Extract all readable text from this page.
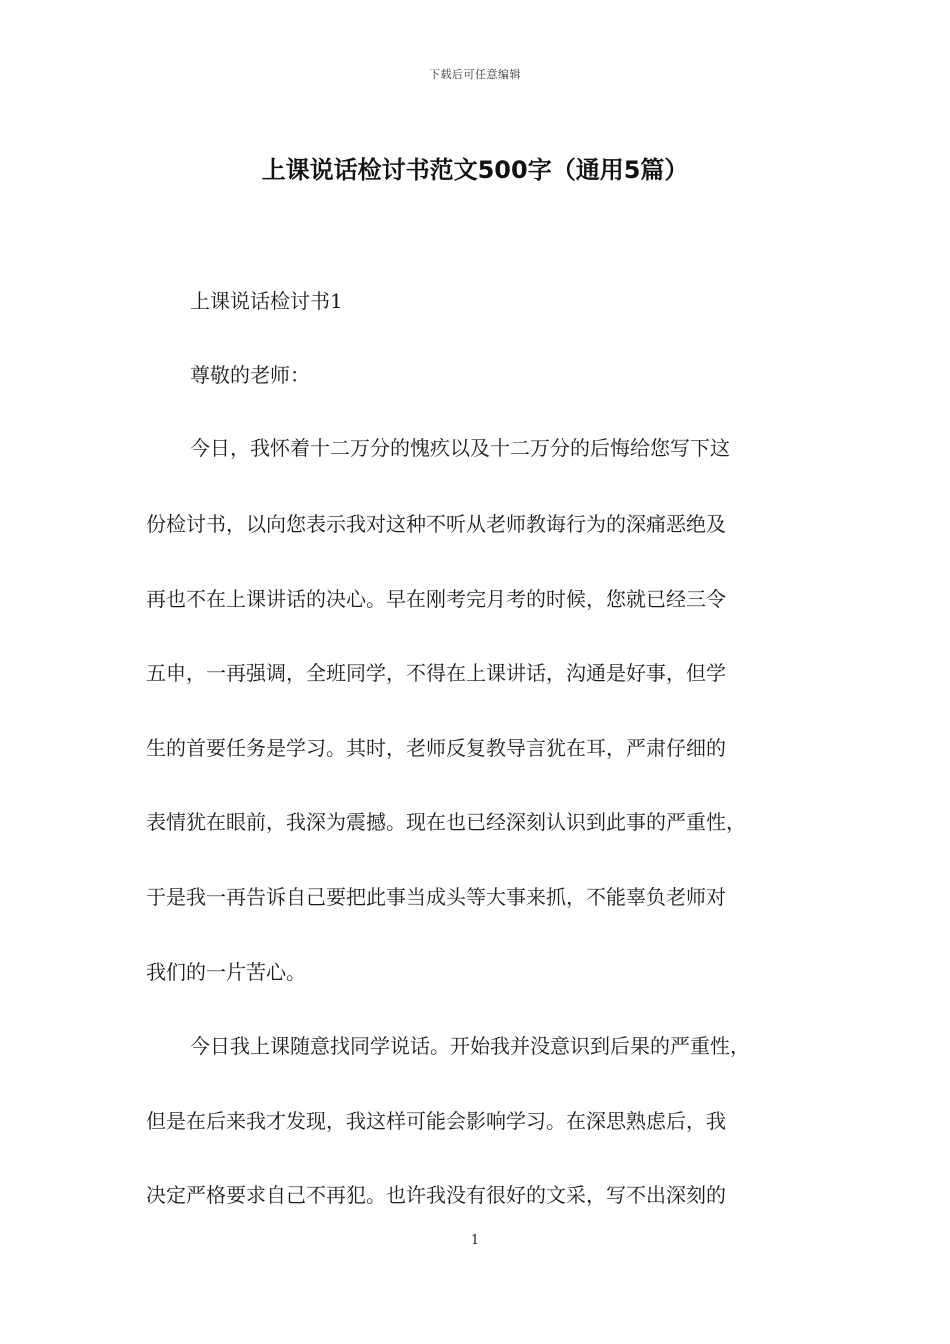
下载后可任意编辑
上课说话检讨书范文500字（通用5篇）
上课说话检讨书1
尊敬的老师：
今日，我怀着十二万分的愧疚以及十二万分的后悔给您写下这
份检讨书，以向您表示我对这种不听从老师教诲行为的深痛恶绝及
再也不在上课讲话的决心。早在刚考完月考的时候，您就已经三令
五申，一再强调，全班同学，不得在上课讲话，沟通是好事，但学
生的首要任务是学习。其时，老师反复教导言犹在耳，严肃仔细的
表情犹在眼前，我深为震撼。现在也已经深刻认识到此事的严重性，
于是我一再告诉自己要把此事当成头等大事来抓，不能辜负老师对
我们的一片苦心。
今日我上课随意找同学说话。开始我并没意识到后果的严重性，
但是在后来我才发现，我这样可能会影响学习。在深思熟虑后，我
决定严格要求自己不再犯。也许我没有很好的文采，写不出深刻的
1
